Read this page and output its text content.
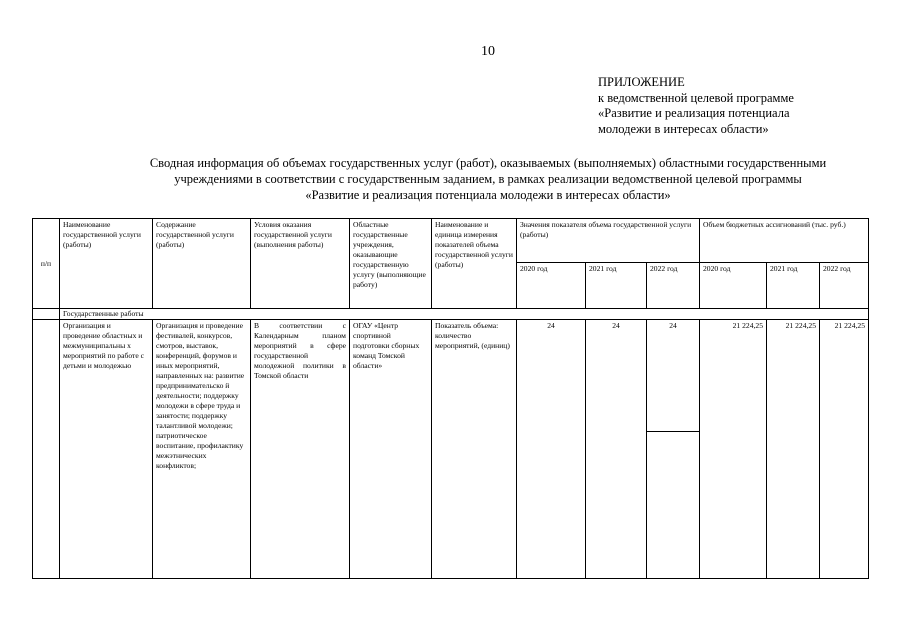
10
ПРИЛОЖЕНИЕ
к ведомственной целевой программе
«Развитие и реализация потенциала
молодежи в интересах области»
Сводная информация об объемах государственных услуг (работ), оказываемых (выполняемых) областными государственными
учреждениями в соответствии с государственным заданием, в рамках реализации ведомственной целевой программы
«Развитие и реализация потенциала молодежи в интересах области»
п/п	Наименование государственной услуги (работы)	Содержание государственной услуги (работы)	Условия оказания государственной услуги (выполнения работы)	Областные государственные учреждения, оказывающие государственную услугу (выполняющие работу)	Наименование и единица измерения показателей объема государственной услуги (работы)	Значения показателя объема государственной услуги (работы)			Объем бюджетных ассигнований (тыс. руб.)		
						2020 год	2021 год	2022 год	2020 год	2021 год	2022 год
	Государственные работы										
	Организация и проведение областных и межмуниципальны х мероприятий по работе с детьми и молодежью	Организация и проведение фестивалей, конкурсов, смотров, выставок, конференций, форумов и иных мероприятий, направленных на: развитие предпринимательско й деятельности; поддержку молодежи в сфере труда и занятости; поддержку талантливой молодежи; патриотическое воспитание, профилактику межэтнических конфликтов;	В соответствии с Календарным планом мероприятий в сфере государственной молодежной политики в Томской области	ОГАУ «Центр спортивной подготовки сборных команд Томской области»	Показатель объема: количество мероприятий, (единиц)	24	24	24	21 224,25	21 224,25	21 224,25
